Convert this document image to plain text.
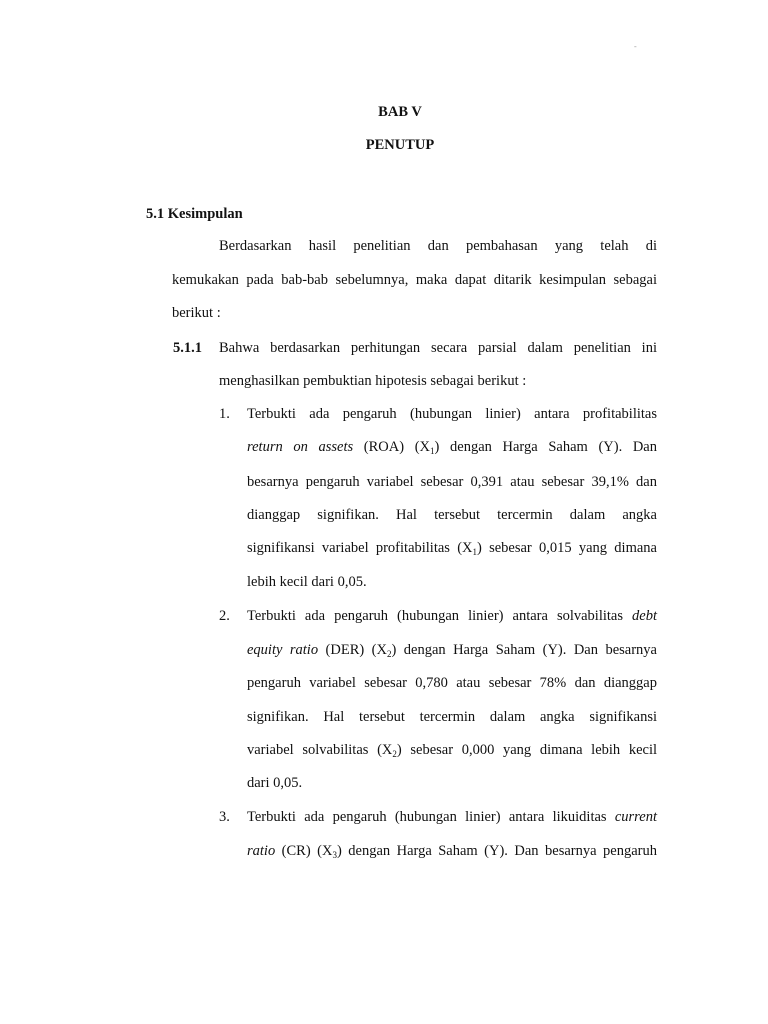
-
BAB V
PENUTUP
5.1 Kesimpulan
Berdasarkan hasil penelitian dan pembahasan yang telah di
kemukakan pada bab-bab sebelumnya, maka dapat ditarik kesimpulan sebagai
berikut :
5.1.1 Bahwa berdasarkan perhitungan secara parsial dalam penelitian ini
menghasilkan pembuktian hipotesis sebagai berikut :
1. Terbukti ada pengaruh (hubungan linier) antara profitabilitas
return on assets (ROA) $(X_1)$ dengan Harga Saham (Y). Dan
besarnya pengaruh variabel sebesar 0,391 atau sebesar 39,1% dan
dianggap signifikan. Hal tersebut tercermin dalam angka
signifikansi variabel profitabilitas $(X_1)$ sebesar 0,015 yang dimana
lebih kecil dari 0,05.
2. Terbukti ada pengaruh (hubungan linier) antara solvabilitas debt
equity ratio (DER) $(X_2)$ dengan Harga Saham (Y). Dan besarnya
pengaruh variabel sebesar 0,780 atau sebesar 78% dan dianggap
signifikan. Hal tersebut tercermin dalam angka signifikansi
variabel solvabilitas $(X_2)$ sebesar 0,000 yang dimana lebih kecil
dari 0,05.
3. Terbukti ada pengaruh (hubungan linier) antara likuiditas current
ratio (CR) $(X_3)$ dengan Harga Saham (Y). Dan besarnya pengaruh
